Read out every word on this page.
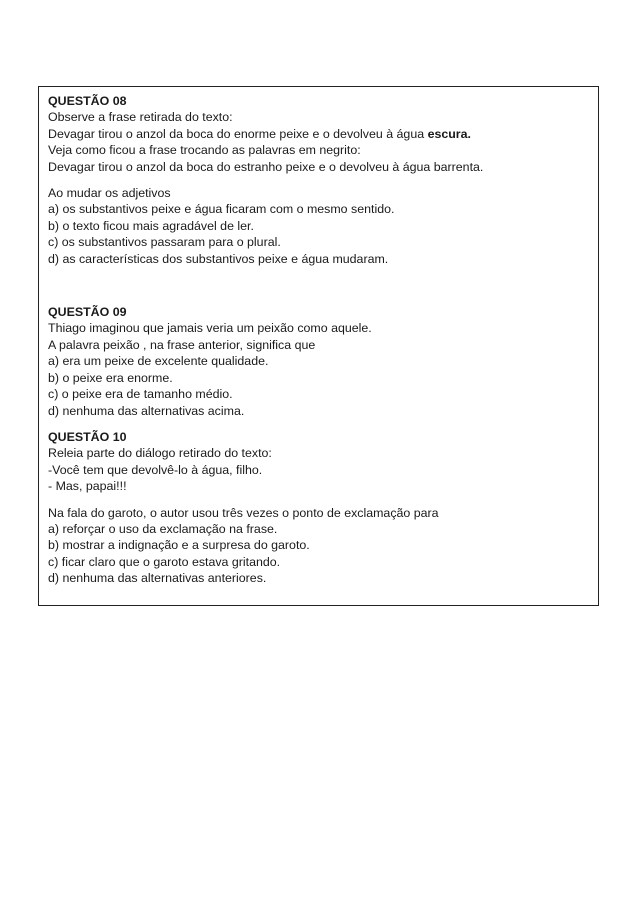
QUESTÃO 08
Observe a frase retirada do texto:
Devagar tirou o anzol da boca do enorme peixe e o devolveu à água escura.
Veja como ficou a frase trocando as palavras em negrito:
Devagar tirou o anzol da boca do estranho peixe e o devolveu à água barrenta.
Ao mudar os adjetivos
a) os substantivos peixe e água ficaram com o mesmo sentido.
b) o texto ficou mais agradável de ler.
c) os substantivos passaram para o plural.
d) as características dos substantivos peixe e água mudaram.
QUESTÃO 09
Thiago imaginou que jamais veria um peixão como aquele.
A palavra peixão , na frase anterior, significa que
a) era um peixe de excelente qualidade.
b) o peixe era enorme.
c) o peixe era de tamanho médio.
d) nenhuma das alternativas acima.
QUESTÃO 10
Releia parte do diálogo retirado do texto:
-Você tem que devolvê-lo à água, filho.
- Mas, papai!!!
Na fala do garoto, o autor usou três vezes o ponto de exclamação para
a) reforçar o uso da exclamação na frase.
b) mostrar a indignação e a surpresa do garoto.
c) ficar claro que o garoto estava gritando.
d) nenhuma das alternativas anteriores.
